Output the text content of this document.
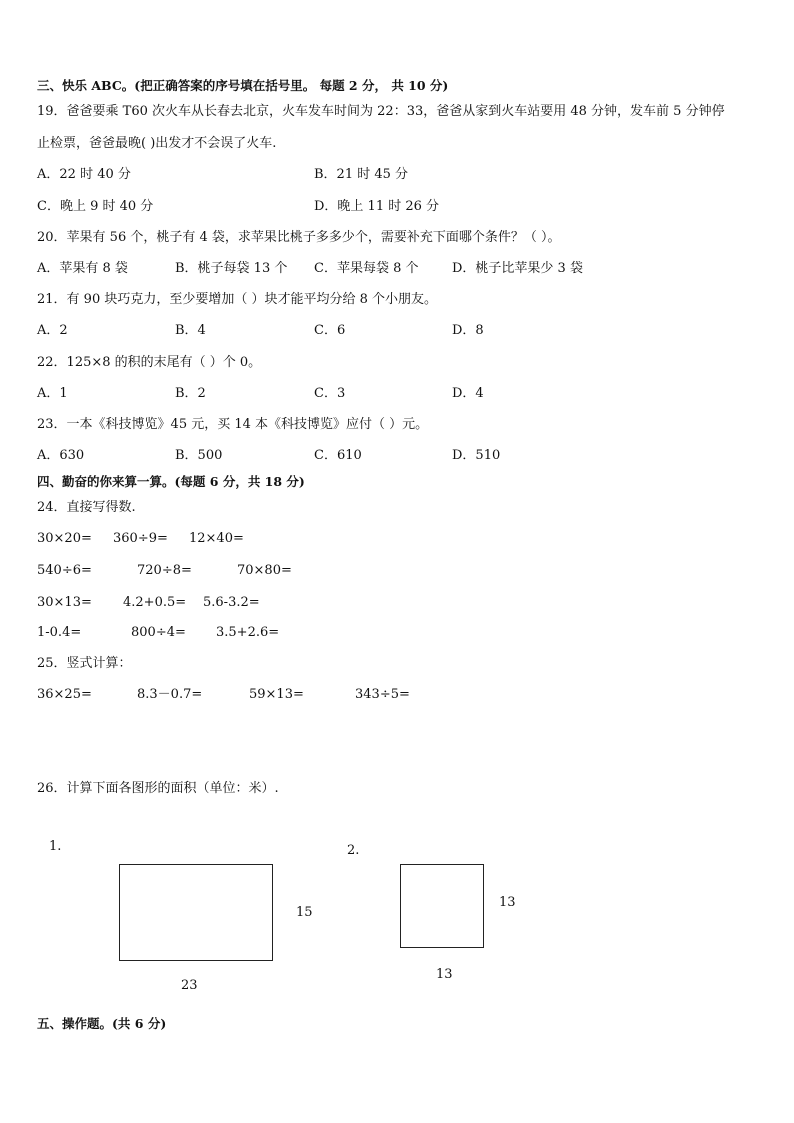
三、快乐 ABC。(把正确答案的序号填在括号里。 每题 2 分， 共 10 分)
19．爸爸要乘 T60 次火车从长春去北京，火车发车时间为 22：33，爸爸从家到火车站要用 48 分钟，发车前 5 分钟停
止检票，爸爸最晚( )出发才不会误了火车.
A．22 时 40 分	B．21 时 45 分
C．晚上 9 时 40 分	D．晚上 11 时 26 分
20．苹果有 56 个，桃子有 4 袋，求苹果比桃子多多少个，需要补充下面哪个条件？（ ）。
A．苹果有 8 袋	B．桃子每袋 13 个 C．苹果每袋 8 个	D．桃子比苹果少 3 袋
21．有 90 块巧克力，至少要增加（ ）块才能平均分给 8 个小朋友。
A．2	B．4	C．6	D．8
22．125×8 的积的末尾有（ ）个 0。
A．1	B．2	C．3	D．4
23．一本《科技博览》45 元，买 14 本《科技博览》应付（ ）元。
A．630	B．500	C．610	D．510
四、勤奋的你来算一算。(每题 6 分，共 18 分)
24．直接写得数.
30×20= 360÷9= 12×40=
540÷6=	720÷8=	70×80=
30×13= 4.2+0.5= 5.6-3.2=
1-0.4=	800÷4= 3.5+2.6=
25．竖式计算：
36×25=	8.3－0.7=	59×13=	343÷5=
26．计算下面各图形的面积（单位：米）.
1.
15
23
2.
13
13
五、操作题。(共 6 分)
